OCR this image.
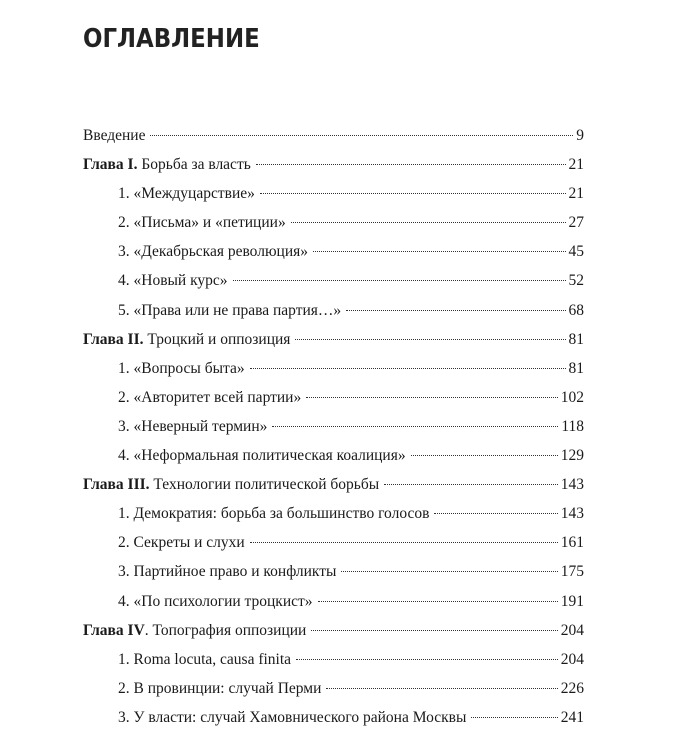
ОГЛАВЛЕНИЕ
Введение	9
Глава I. Борьба за власть	21
1. «Междуцарствие»	21
2. «Письма» и «петиции»	27
3. «Декабрьская революция»	45
4. «Новый курс»	52
5. «Права или не права партия…»	68
Глава II. Троцкий и оппозиция	81
1. «Вопросы быта»	81
2. «Авторитет всей партии»	102
3. «Неверный термин»	118
4. «Неформальная политическая коалиция»	129
Глава III. Технологии политической борьбы	143
1. Демократия: борьба за большинство голосов	143
2. Секреты и слухи	161
3. Партийное право и конфликты	175
4. «По психологии троцкист»	191
Глава IV. Топография оппозиции	204
1. Roma locuta, causa finita	204
2. В провинции: случай Перми	226
3. У власти: случай Хамовнического района Москвы	241
